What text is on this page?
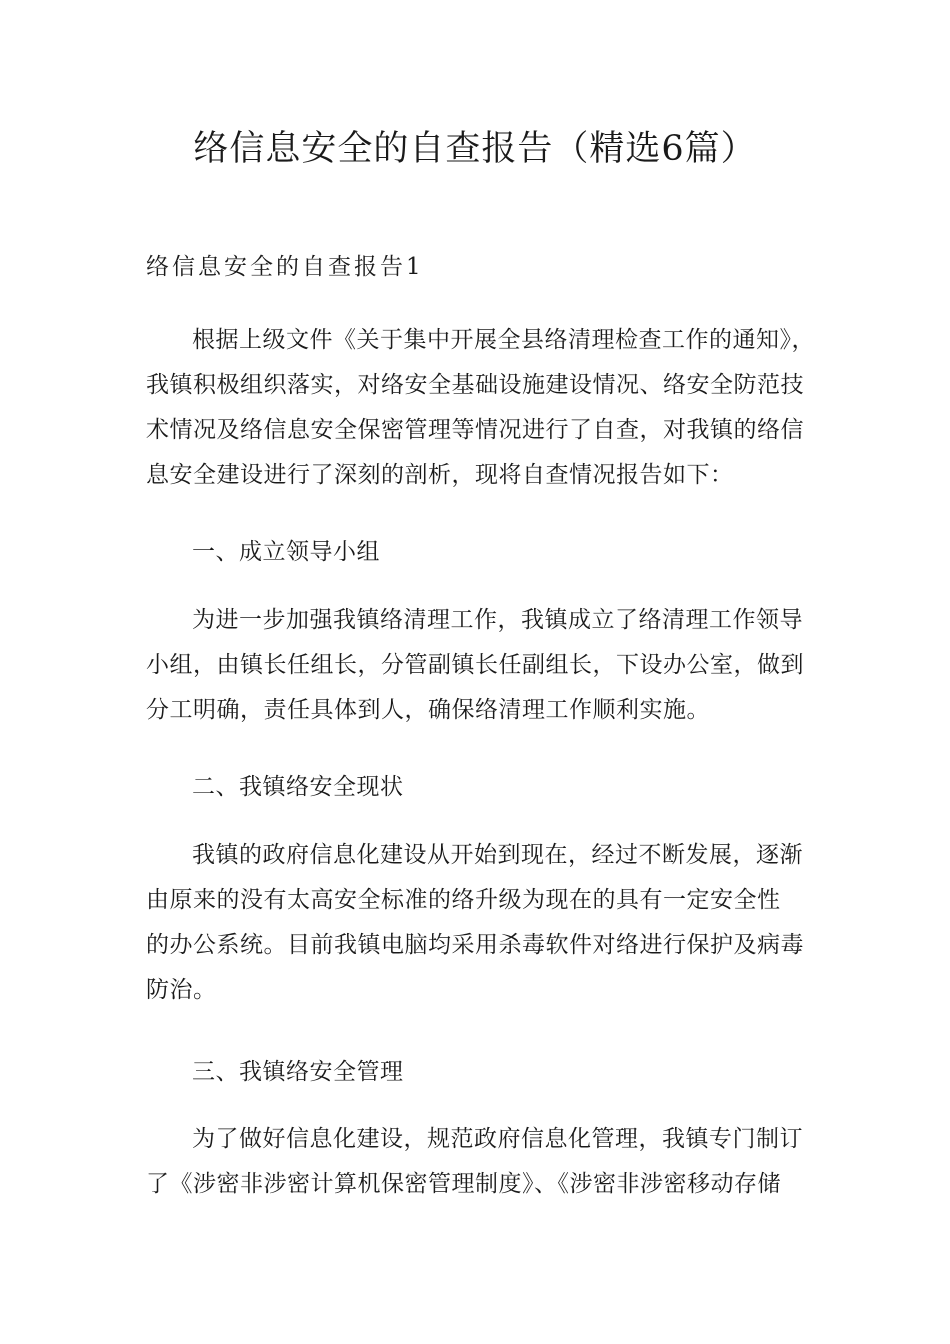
络信息安全的自查报告（精选6篇）
络信息安全的自查报告1

根据上级文件《关于集中开展全县络清理检查工作的通知》，
我镇积极组织落实，对络安全基础设施建设情况、络安全防范技
术情况及络信息安全保密管理等情况进行了自查，对我镇的络信
息安全建设进行了深刻的剖析，现将自查情况报告如下：

一、成立领导小组

为进一步加强我镇络清理工作，我镇成立了络清理工作领导
小组，由镇长任组长，分管副镇长任副组长，下设办公室，做到
分工明确，责任具体到人，确保络清理工作顺利实施。

二、我镇络安全现状

我镇的政府信息化建设从开始到现在，经过不断发展，逐渐
由原来的没有太高安全标准的络升级为现在的具有一定安全性
的办公系统。目前我镇电脑均采用杀毒软件对络进行保护及病毒
防治。

三、我镇络安全管理

为了做好信息化建设，规范政府信息化管理，我镇专门制订
了《涉密非涉密计算机保密管理制度》、《涉密非涉密移动存储
